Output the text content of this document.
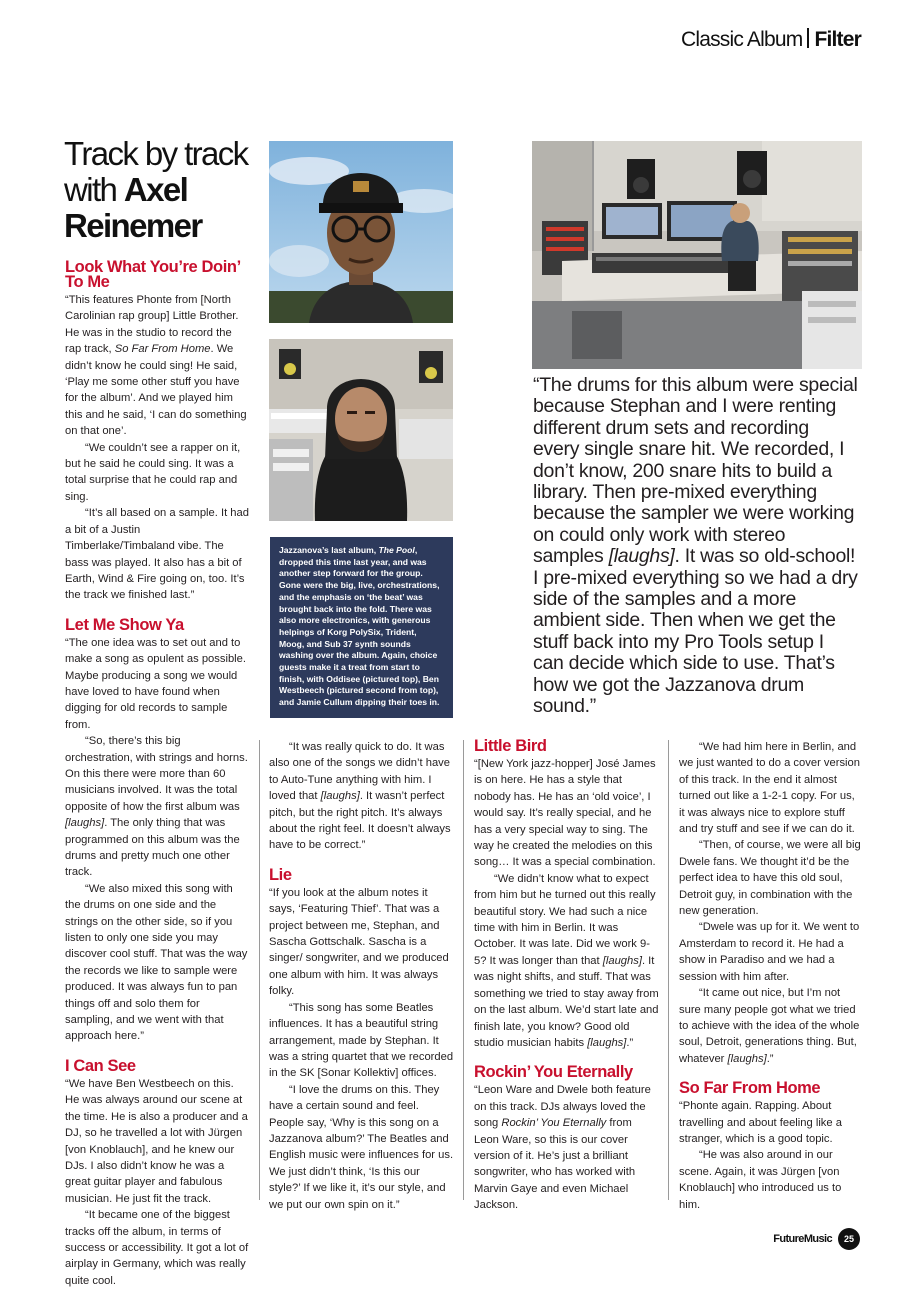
Classic Album Filter
Track by track
with Axel
Reinemer
Jazzanova’s last album, The Pool, dropped this time last year, and was another step forward for the group. Gone were the big, live, orchestrations, and the emphasis on ‘the beat’ was brought back into the fold. There was also more electronics, with generous helpings of Korg PolySix, Trident, Moog, and Sub 37 synth sounds washing over the album. Again, choice guests make it a treat from start to finish, with Oddisee (pictured top), Ben Westbeech (pictured second from top), and Jamie Cullum dipping their toes in.
“The drums for this album were special because Stephan and I were renting different drum sets and recording every single snare hit. We recorded, I don’t know, 200 snare hits to build a library. Then pre-mixed everything because the sampler we were working on could only work with stereo samples [laughs]. It was so old-school! I pre-mixed everything so we had a dry side of the samples and a more ambient side. Then when we get the stuff back into my Pro Tools setup I can decide which side to use. That’s how we got the Jazzanova drum sound.”
Look What You’re Doin’ To Me

“This features Phonte from [North Carolinian rap group] Little Brother. He was in the studio to record the rap track, So Far From Home. We didn’t know he could sing! He said, ‘Play me some other stuff you have for the album’. And we played him this and he said, ‘I can do something on that one’.

“We couldn’t see a rapper on it, but he said he could sing. It was a total surprise that he could rap and sing.

“It’s all based on a sample. It had a bit of a Justin Timberlake/Timbaland vibe. The bass was played. It also has a bit of Earth, Wind & Fire going on, too. It’s the track we finished last.”

Let Me Show Ya

“The one idea was to set out and to make a song as opulent as possible. Maybe producing a song we would have loved to have found when digging for old records to sample from.

“So, there’s this big orchestration, with strings and horns. On this there were more than 60 musicians involved. It was the total opposite of how the first album was [laughs]. The only thing that was programmed on this album was the drums and pretty much one other track.

“We also mixed this song with the drums on one side and the strings on the other side, so if you listen to only one side you may discover cool stuff. That was the way the records we like to sample were produced. It was always fun to pan things off and solo them for sampling, and we went with that approach here.”

I Can See

“We have Ben Westbeech on this. He was always around our scene at the time. He is also a producer and a DJ, so he travelled a lot with Jürgen [von Knoblauch], and he knew our DJs. I also didn’t know he was a great guitar player and fabulous musician. He just fit the track.

“It became one of the biggest tracks off the album, in terms of success or accessibility. It got a lot of airplay in Germany, which was really quite cool.

“It was really quick to do. It was also one of the songs we didn’t have to Auto-Tune anything with him. I loved that [laughs]. It wasn’t perfect pitch, but the right pitch. It’s always about the right feel. It doesn’t always have to be correct.”

Lie

“If you look at the album notes it says, ‘Featuring Thief’. That was a project between me, Stephan, and Sascha Gottschalk. Sascha is a singer/ songwriter, and we produced one album with him. It was always folky.

“This song has some Beatles influences. It has a beautiful string arrangement, made by Stephan. It was a string quartet that we recorded in the SK [Sonar Kollektiv] offices.

“I love the drums on this. They have a certain sound and feel. People say, ‘Why is this song on a Jazzanova album?’ The Beatles and English music were influences for us. We just didn’t think, ‘Is this our style?’ If we like it, it’s our style, and we put our own spin on it.”

Little Bird

“[New York jazz-hopper] José James is on here. He has a style that nobody has. He has an ‘old voice’, I would say. It’s really special, and he has a very special way to sing. The way he created the melodies on this song… It was a special combination.

“We didn’t know what to expect from him but he turned out this really beautiful story. We had such a nice time with him in Berlin. It was October. It was late. Did we work 9-5? It was longer than that [laughs]. It was night shifts, and stuff. That was something we tried to stay away from on the last album. We’d start late and finish late, you know? Good old studio musician habits [laughs].”

Rockin’ You Eternally

“Leon Ware and Dwele both feature on this track. DJs always loved the song Rockin’ You Eternally from Leon Ware, so this is our cover version of it. He’s just a brilliant songwriter, who has worked with Marvin Gaye and even Michael Jackson.

“We had him here in Berlin, and we just wanted to do a cover version of this track. In the end it almost turned out like a 1-2-1 copy. For us, it was always nice to explore stuff and try stuff and see if we can do it.

“Then, of course, we were all big Dwele fans. We thought it’d be the perfect idea to have this old soul, Detroit guy, in combination with the new generation.

“Dwele was up for it. We went to Amsterdam to record it. He had a show in Paradiso and we had a session with him after.

“It came out nice, but I’m not sure many people got what we tried to achieve with the idea of the whole soul, Detroit, generations thing. But, whatever [laughs].”

So Far From Home

“Phonte again. Rapping. About travelling and about feeling like a stranger, which is a good topic.

“He was also around in our scene. Again, it was Jürgen [von Knoblauch] who introduced us to him.

FutureMusic	25
